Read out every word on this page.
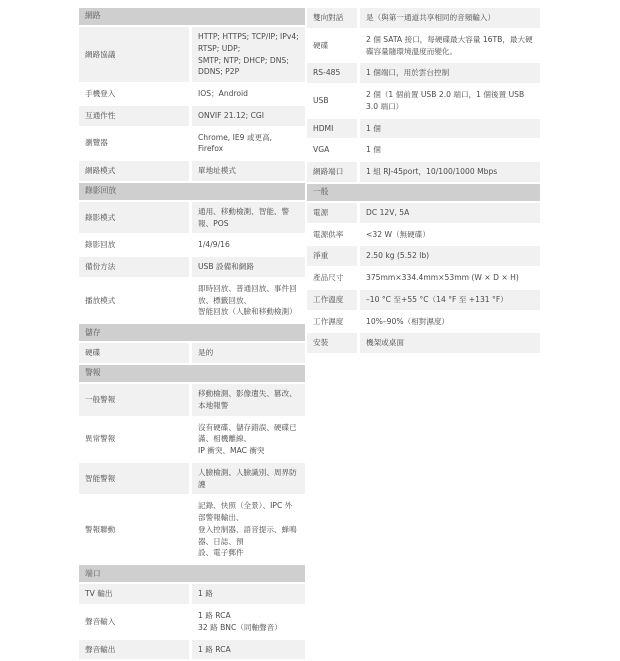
網路	
網路協議	HTTP; HTTPS; TCP/IP; IPv4; RTSP; UDP;
SMTP; NTP; DHCP; DNS; DDNS; P2P

手機登入	IOS；Android

互通作性	ONVIF 21.12; CGI

瀏覽器	Chrome, IE9 或更高, Firefox

網路模式	單地址模式

錄影回放	
錄影模式	通用、移動檢測、智能、警報、POS

錄影回放	1/4/9/16

備份方法	USB 設備和網路

播放模式	即時回放、普通回放、事件回放、標籤回放、
智能回放（人臉和移動檢測）

儲存	
硬碟	是的

警報	
一般警報	移動檢測、影像遺失、篡改、本地報警

異常警報	沒有硬碟、儲存錯誤、硬碟已滿、相機離線、
IP 衝突、MAC 衝突

智能警報	人臉檢測、人臉識別、周界防護

警報聯動	記錄、快照（全景）、IPC 外部警報輸出、
登入控制器、語音提示、蜂鳴器、日誌、預
設、電子郵件

端口	
TV 輸出	1 路

聲音輸入	1 路 RCA
32 路 BNC（同軸聲音）

聲音輸出	1 路 RCA
雙向對話	是（與第一通道共享相同的音頻輸入）

硬碟	2 個 SATA 接口，每硬碟最大容量 16TB，最大硬
碟容量隨環境溫度而變化。

RS-485	1 個端口，用於雲台控制

USB	2 個（1 個前置 USB 2.0 端口，1 個後置 USB
3.0 端口）

HDMI	1 個

VGA	1 個

網路端口	1 組 RJ-45port，10/100/1000 Mbps

一般	
電源	DC 12V, 5A

電源供率	<32 W（無硬碟）

淨重	2.50 kg (5.52 lb)

產品尺寸	375mm×334.4mm×53mm (W × D × H)

工作溫度	–10 °C 至+55 °C（14 °F 至 +131 °F）

工作濕度	10%–90%（相對濕度）

安裝	機架或桌面
